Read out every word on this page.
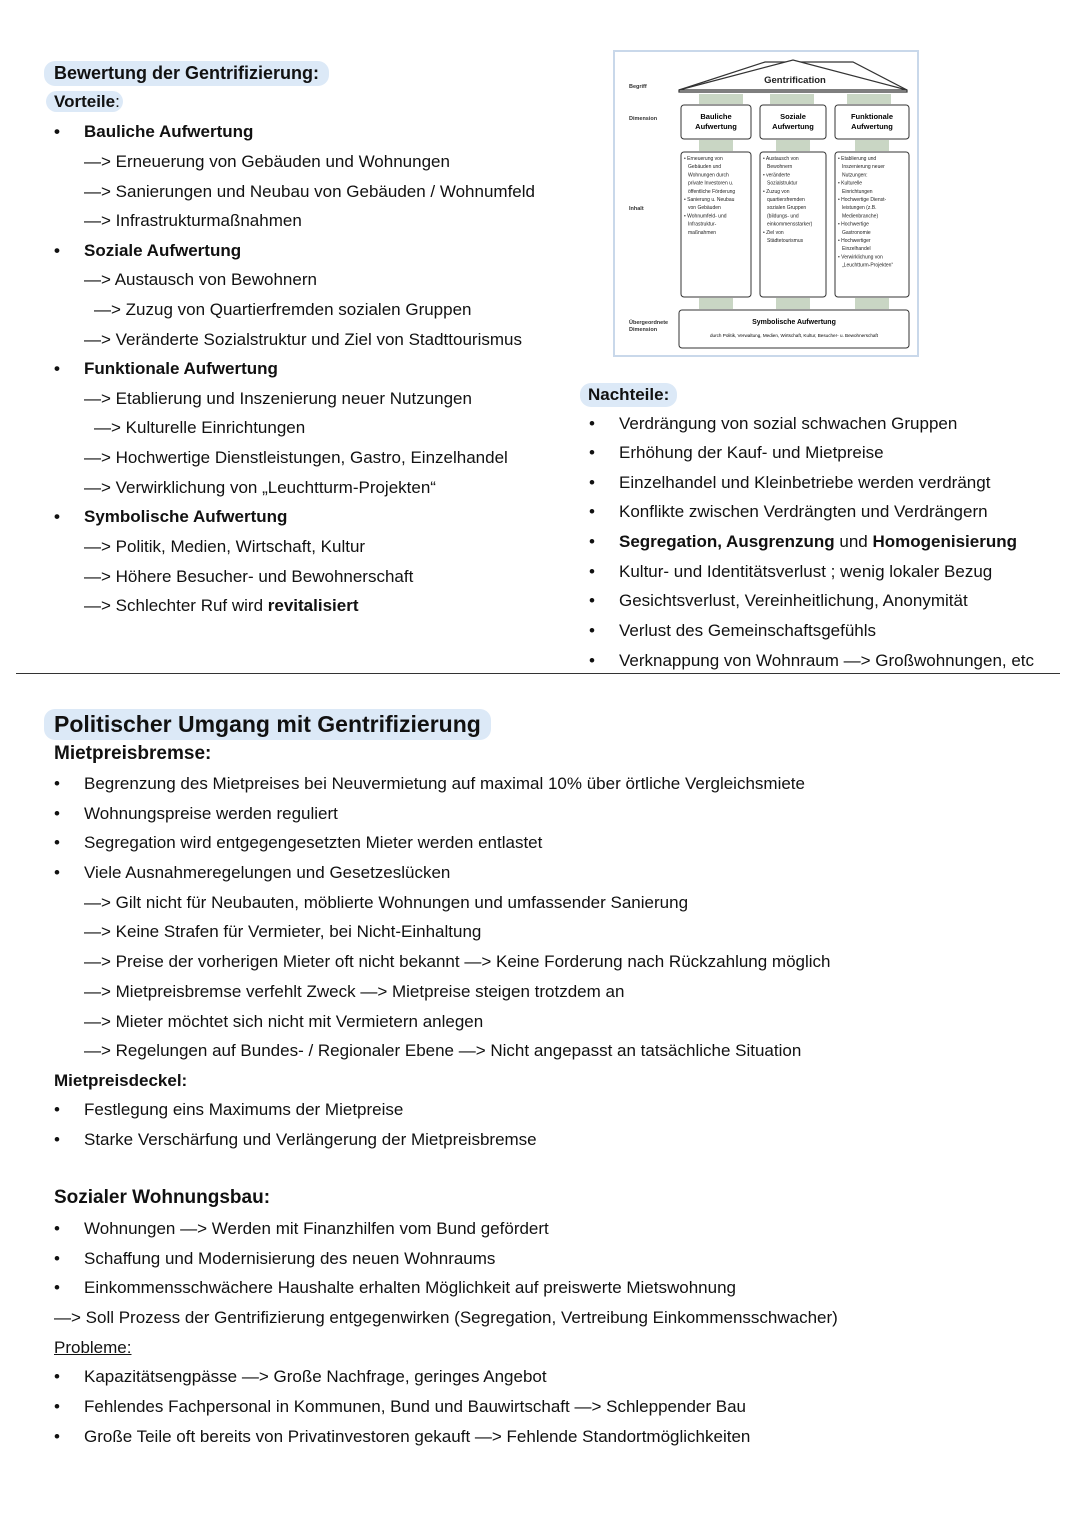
Bewertung der Gentrifizierung:
Vorteile:
• Bauliche Aufwertung
—> Erneuerung von Gebäuden und Wohnungen
—> Sanierungen und Neubau von Gebäuden / Wohnumfeld
—> Infrastrukturmaßnahmen
• Soziale Aufwertung
—> Austausch von Bewohnern
—> Zuzug von Quartierfremden sozialen Gruppen
—> Veränderte Sozialstruktur und Ziel von Stadttourismus
• Funktionale Aufwertung
—> Etablierung und Inszenierung neuer Nutzungen
—> Kulturelle Einrichtungen
—> Hochwertige Dienstleistungen, Gastro, Einzelhandel
—> Verwirklichung von „Leuchtturm-Projekten“
• Symbolische Aufwertung
—> Politik, Medien, Wirtschaft, Kultur
—> Höhere Besucher- und Bewohnerschaft
—> Schlechter Ruf wird revitalisiert
Gentrification
Begriff
Dimension
Inhalt
Übergeordnete
Dimension
Bauliche
Aufwertung
Soziale
Aufwertung
Funktionale
Aufwertung
• Erneuerung von
Gebäuden und
Wohnungen durch
private Investoren u.
öffentliche Förderung
• Sanierung u. Neubau
von Gebäuden
• Wohnumfeld- und
Infrastruktur-
maßnahmen
• Austausch von
Bewohnern
• veränderte
Sozialstruktur
• Zuzug von
quartiersfremden
sozialen Gruppen
(bildungs- und
einkommensstarker)
• Ziel von
Städtetourismus
• Etablierung und
Inszenierung neuer
Nutzungen:
• Kulturelle
Einrichtungen
• Hochwertige Dienst-
leistungen (z.B.
Medienbranche)
• Hochwertige
Gastronomie
• Hochwertiger
Einzelhandel
• Verwirklichung von
„Leuchtturm-Projekten“
Symbolische Aufwertung
durch Politik, Verwaltung, Medien, Wirtschaft, Kultur, Besucher- u. Bewohnerschaft
Nachteile:
• Verdrängung von sozial schwachen Gruppen
• Erhöhung der Kauf- und Mietpreise
• Einzelhandel und Kleinbetriebe werden verdrängt
• Konflikte zwischen Verdrängten und Verdrängern
• Segregation, Ausgrenzung und Homogenisierung
• Kultur- und Identitätsverlust ; wenig lokaler Bezug
• Gesichtsverlust, Vereinheitlichung, Anonymität
• Verlust des Gemeinschaftsgefühls
• Verknappung von Wohnraum —> Großwohnungen, etc
Politischer Umgang mit Gentrifizierung
Mietpreisbremse:
• Begrenzung des Mietpreises bei Neuvermietung auf maximal 10% über örtliche Vergleichsmiete
• Wohnungspreise werden reguliert
• Segregation wird entgegengesetzten Mieter werden entlastet
• Viele Ausnahmeregelungen und Gesetzeslücken
—> Gilt nicht für Neubauten, möblierte Wohnungen und umfassender Sanierung
—> Keine Strafen für Vermieter, bei Nicht-Einhaltung
—> Preise der vorherigen Mieter oft nicht bekannt —> Keine Forderung nach Rückzahlung möglich
—> Mietpreisbremse verfehlt Zweck —> Mietpreise steigen trotzdem an
—> Mieter möchtet sich nicht mit Vermietern anlegen
—> Regelungen auf Bundes- / Regionaler Ebene —> Nicht angepasst an tatsächliche Situation
Mietpreisdeckel:
• Festlegung eins Maximums der Mietpreise
• Starke Verschärfung und Verlängerung der Mietpreisbremse
Sozialer Wohnungsbau:
• Wohnungen —> Werden mit Finanzhilfen vom Bund gefördert
• Schaffung und Modernisierung des neuen Wohnraums
• Einkommensschwächere Haushalte erhalten Möglichkeit auf preiswerte Mietswohnung
—> Soll Prozess der Gentrifizierung entgegenwirken (Segregation, Vertreibung Einkommensschwacher)
Probleme:
• Kapazitätsengpässe —> Große Nachfrage, geringes Angebot
• Fehlendes Fachpersonal in Kommunen, Bund und Bauwirtschaft —> Schleppender Bau
• Große Teile oft bereits von Privatinvestoren gekauft —> Fehlende Standortmöglichkeiten
